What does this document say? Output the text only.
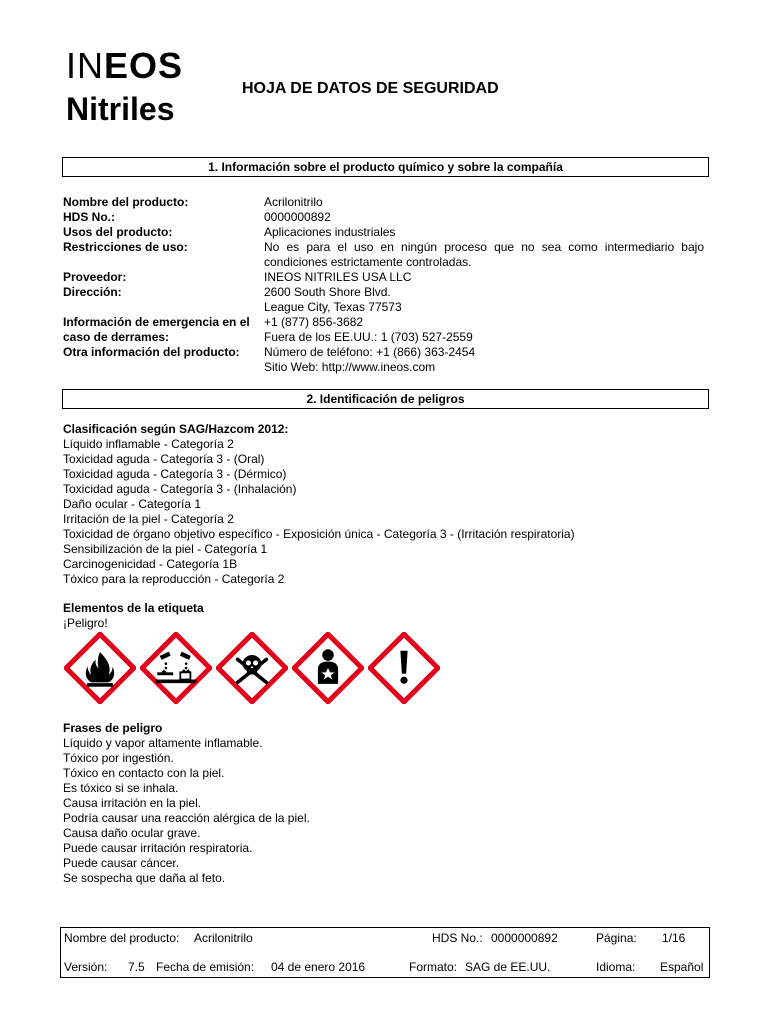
INEOS
Nitriles
HOJA DE DATOS DE SEGURIDAD
1. Información sobre el producto químico y sobre la compañía
Nombre del producto:	Acrilonitrilo
HDS No.:	0000000892
Usos del producto:	Aplicaciones industriales
Restricciones de uso:	No es para el uso en ningún proceso que no sea como intermediario bajo condiciones estrictamente controladas.
Proveedor:	INEOS NITRILES USA LLC
Dirección:	2600 South Shore Blvd.
League City, Texas 77573
Información de emergencia en el caso de derrames:
+1 (877) 856-3682
Fuera de los EE.UU.: 1 (703) 527-2559
Otra información del producto:	Número de teléfono: +1 (866) 363-2454
Sitio Web: http://www.ineos.com
2. Identificación de peligros
Clasificación según SAG/Hazcom 2012:
Líquido inflamable - Categoría 2
Toxicidad aguda - Categoría 3 - (Oral)
Toxicidad aguda - Categoría 3 - (Dérmico)
Toxicidad aguda - Categoría 3 - (Inhalación)
Daño ocular - Categoría 1
Irritación de la piel - Categoría 2
Toxicidad de órgano objetivo específico - Exposición única - Categoría 3 - (Irritación respiratoria)
Sensibilización de la piel - Categoría 1
Carcinogenicidad - Categoría 1B
Tóxico para la reproducción - Categoría 2
Elementos de la etiqueta
¡Peligro!
Frases de peligro
Líquido y vapor altamente inflamable.
Tóxico por ingestión.
Tóxico en contacto con la piel.
Es tóxico si se inhala.
Causa irritación en la piel.
Podría causar una reacción alérgica de la piel.
Causa daño ocular grave.
Puede causar irritación respiratoria.
Puede causar cáncer.
Se sospecha que daña al feto.
Nombre del producto: Acrilonitrilo	HDS No.: 0000000892	Página: 1/16
Versión: 7.5 Fecha de emisión: 04 de enero 2016	Formato: SAG de EE.UU.	Idioma: Español
